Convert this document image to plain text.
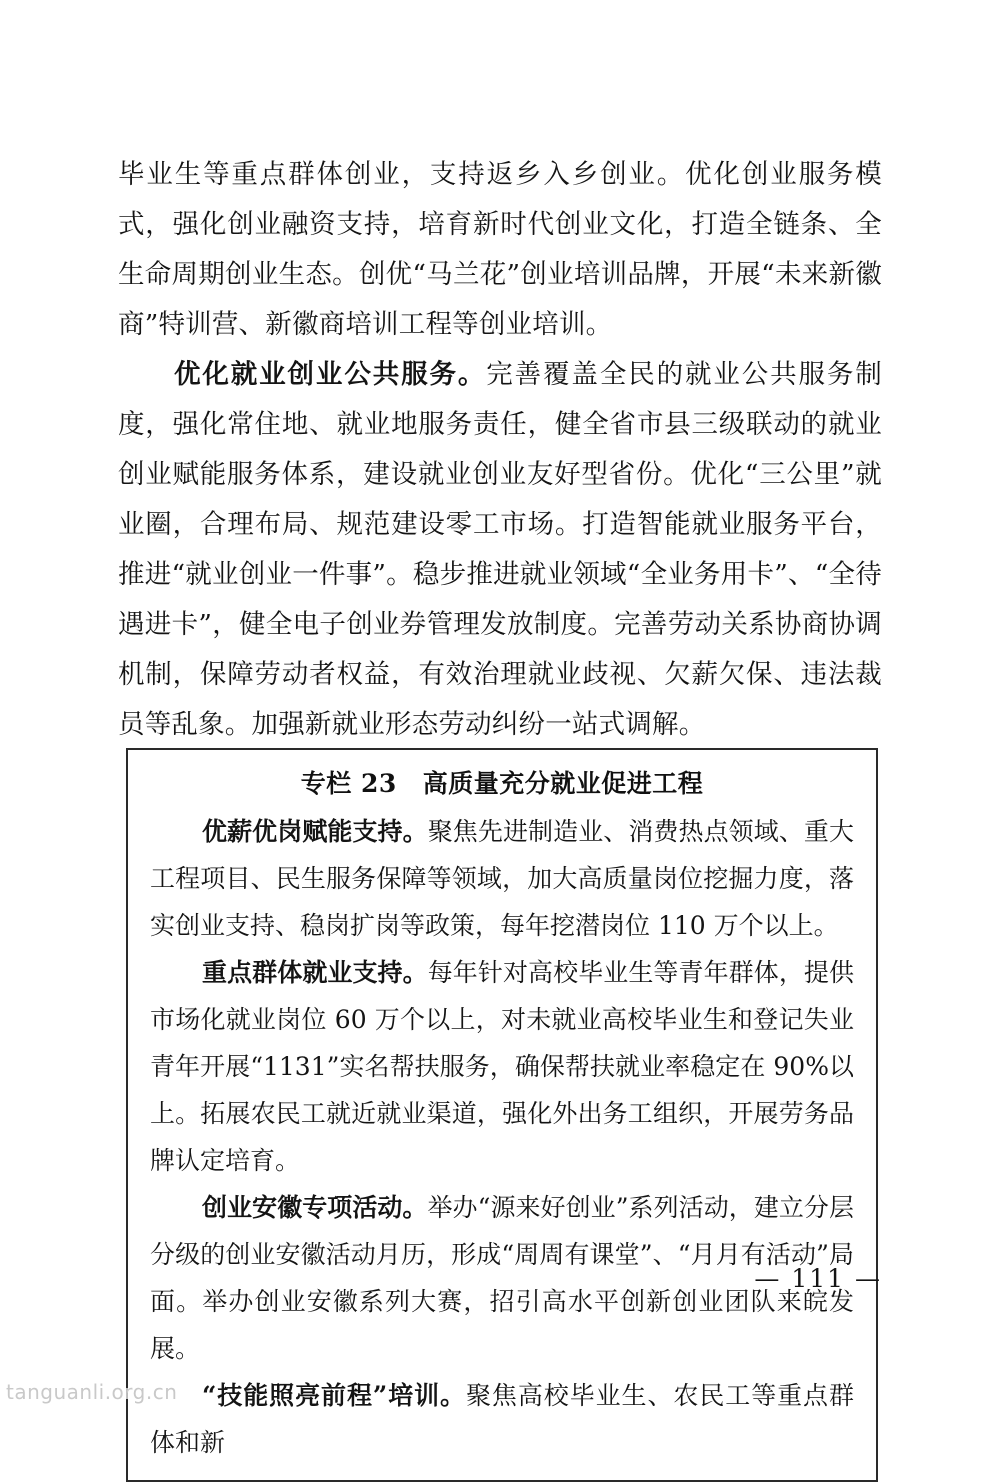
毕业生等重点群体创业，支持返乡入乡创业。优化创业服务模式，强化创业融资支持，培育新时代创业文化，打造全链条、全生命周期创业生态。创优“马兰花”创业培训品牌，开展“未来新徽商”特训营、新徽商培训工程等创业培训。

优化就业创业公共服务。完善覆盖全民的就业公共服务制度，强化常住地、就业地服务责任，健全省市县三级联动的就业创业赋能服务体系，建设就业创业友好型省份。优化“三公里”就业圈，合理布局、规范建设零工市场。打造智能就业服务平台，推进“就业创业一件事”。稳步推进就业领域“全业务用卡”、“全待遇进卡”，健全电子创业券管理发放制度。完善劳动关系协商协调机制，保障劳动者权益，有效治理就业歧视、欠薪欠保、违法裁员等乱象。加强新就业形态劳动纠纷一站式调解。

专栏 23 高质量充分就业促进工程

优薪优岗赋能支持。聚焦先进制造业、消费热点领域、重大工程项目、民生服务保障等领域，加大高质量岗位挖掘力度，落实创业支持、稳岗扩岗等政策，每年挖潜岗位 110 万个以上。

重点群体就业支持。每年针对高校毕业生等青年群体，提供市场化就业岗位 60 万个以上，对未就业高校毕业生和登记失业青年开展“1131”实名帮扶服务，确保帮扶就业率稳定在 90%以上。拓展农民工就近就业渠道，强化外出务工组织，开展劳务品牌认定培育。

创业安徽专项活动。举办“源来好创业”系列活动，建立分层分级的创业安徽活动月历，形成“周周有课堂”、“月月有活动”局面。举办创业安徽系列大赛，招引高水平创新创业团队来皖发展。

“技能照亮前程”培训。聚焦高校毕业生、农民工等重点群体和新

— 111 —
tanguanli.org.cn
